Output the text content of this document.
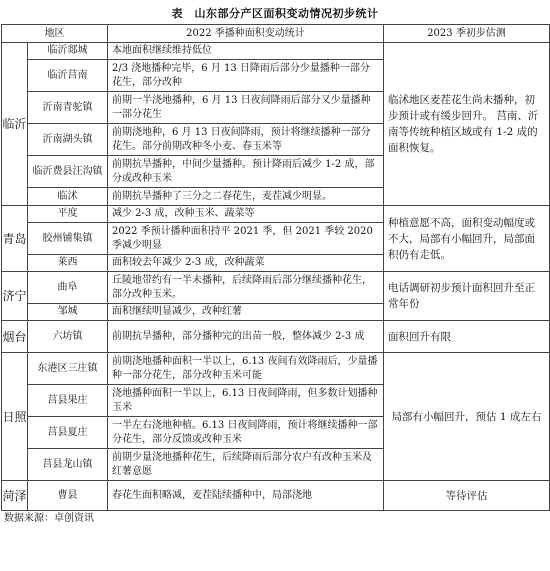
表　山东部分产区面积变动情况初步统计
地区		2022 季播种面积变动统计	2023 季初步估测
临沂	临沂郯城	本地面积继续维持低位	临沭地区麦茬花生尚未播种，初步预计或有缓步回升。 莒南、沂南等传统种植区域或有 1-2 成的面积恢复。
	临沂莒南	2/3 浇地播种完毕，6 月 13 日降雨后部分少量播种一部分花生，部分改种	
	沂南青驼镇	前期一半浇地播种，6 月 13 日夜间降雨后部分又少量播种一部分花生	
	沂南湖头镇	前期浇地种，6 月 13 日夜间降雨，预计将继续播种一部分花生。部分前期改种冬小麦、春玉米等	
	临沂费县汪沟镇	前期抗旱播种，中间少量播种。预计降雨后减少 1-2 成，部分或改种玉米	
	临沭	前期抗旱播种了三分之二春花生，麦茬减少明显。	
青岛	平度	减少 2-3 成，改种玉米、蔬菜等	种植意愿不高，面积变动幅度或不大，局部有小幅回升，局部面积仍有走低。
	胶州铺集镇	2022 季预计播种面积持平 2021 季，但 2021 季较 2020 季减少明显	
	莱西	面积较去年减少 2-3 成，改种蔬菜	
济宁	曲阜	丘陵地带约有一半未播种，后续降雨后部分继续播种花生，部分改种玉米。	电话调研初步预计面积回升至正常年份
	邹城	面积继续明显减少，改种红薯	
烟台	六坊镇	前期抗旱播种，部分播种完的出苗一般，整体减少 2-3 成	面积回升有限
日照	东港区三庄镇	前期浇地播种面积一半以上，6.13 夜间有效降雨后，少量播种一部分花生，部分改种玉米可能	局部有小幅回升，预估 1 成左右
	莒县果庄	浇地播种面积一半以上，6.13 日夜间降雨，但多数计划播种玉米	
	莒县夏庄	一半左右浇地种植。6.13 日夜间降雨，预计将继续播种一部分花生，部分反馈或改种玉米	
	莒县龙山镇	前期少量浇地播种花生，后续降雨后部分农户有改种玉米及红薯意愿	
菏泽	曹县	春花生面积略减，麦茬陆续播种中，局部浇地	等待评估
数据来源：卓创资讯
